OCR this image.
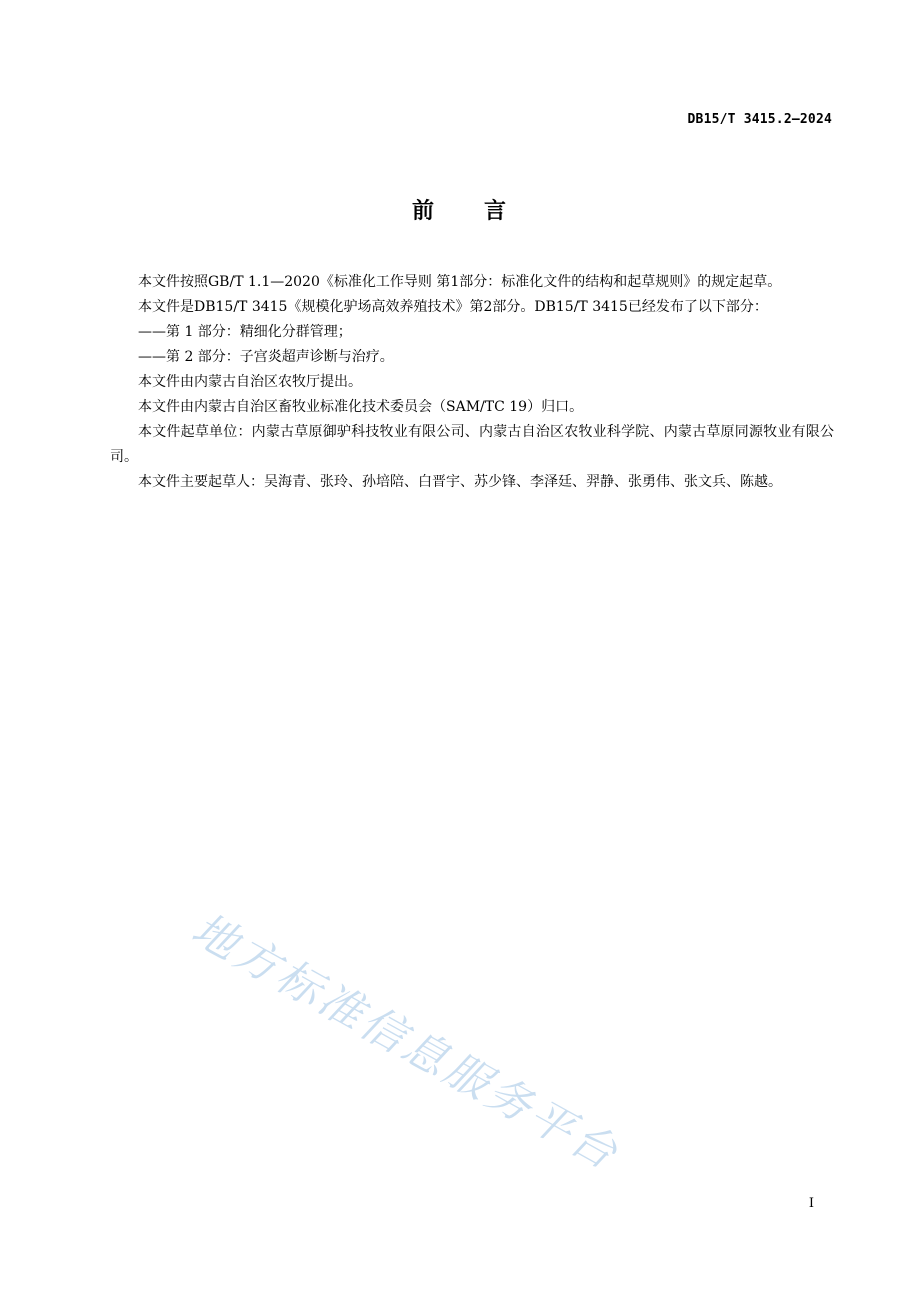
DB15/T 3415.2—2024
前 言

本文件按照GB/T 1.1—2020《标准化工作导则 第1部分：标准化文件的结构和起草规则》的规定起草。

本文件是DB15/T 3415《规模化驴场高效养殖技术》第2部分。DB15/T 3415已经发布了以下部分：

——第 1 部分：精细化分群管理；

——第 2 部分：子宫炎超声诊断与治疗。

本文件由内蒙古自治区农牧厅提出。

本文件由内蒙古自治区畜牧业标准化技术委员会（SAM/TC 19）归口。

本文件起草单位：内蒙古草原御驴科技牧业有限公司、内蒙古自治区农牧业科学院、内蒙古草原同源牧业有限公司。

本文件主要起草人：吴海青、张玲、孙培陪、白晋宇、苏少锋、李泽廷、羿静、张勇伟、张文兵、陈越。

地方标准信息服务平台
I
